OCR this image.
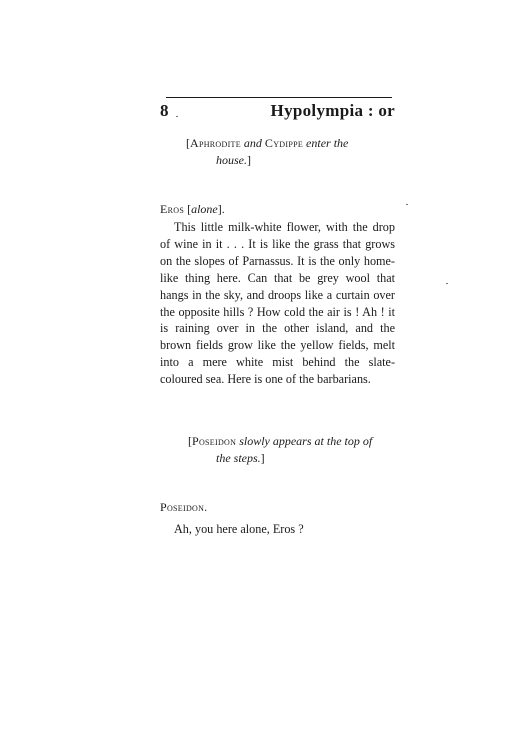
8	Hypolympia : or
[Aphrodite and Cydippe enter the
house.]
Eros [alone].

This little milk-white flower, with the drop of wine in it . . . It is like the grass that grows on the slopes of Parnassus. It is the only home-like thing here. Can that be grey wool that hangs in the sky, and droops like a curtain over the opposite hills ? How cold the air is ! Ah ! it is raining over in the other island, and the brown fields grow like the yellow fields, melt into a mere white mist behind the slate-coloured sea. Here is one of the barbarians.

[Poseidon slowly appears at the top of
the steps.]
Poseidon.
Ah, you here alone, Eros ?
